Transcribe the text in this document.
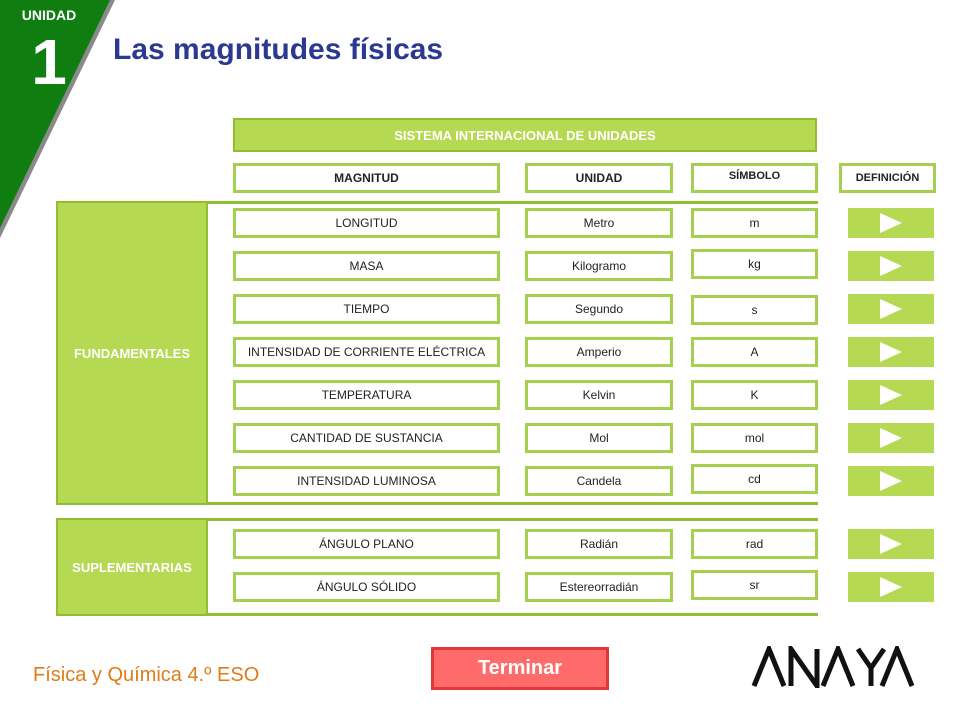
UNIDAD
1	Las magnitudes físicas
SISTEMA INTERNACIONAL DE UNIDADES
MAGNITUD	UNIDAD	SÍMBOLO	DEFINICIÓN
FUNDAMENTALES
SUPLEMENTARIAS
LONGITUD	Metro	m
MASA	Kilogramo	kg
TIEMPO	Segundo	s
INTENSIDAD DE CORRIENTE ELÉCTRICA	Amperio	A
TEMPERATURA	Kelvin	K
CANTIDAD DE SUSTANCIA	Mol	mol
INTENSIDAD LUMINOSA	Candela	cd
ÁNGULO PLANO	Radián	rad
ÁNGULO SÓLIDO	Estereorradián	sr
Física y Química 4.º ESO	Terminar
